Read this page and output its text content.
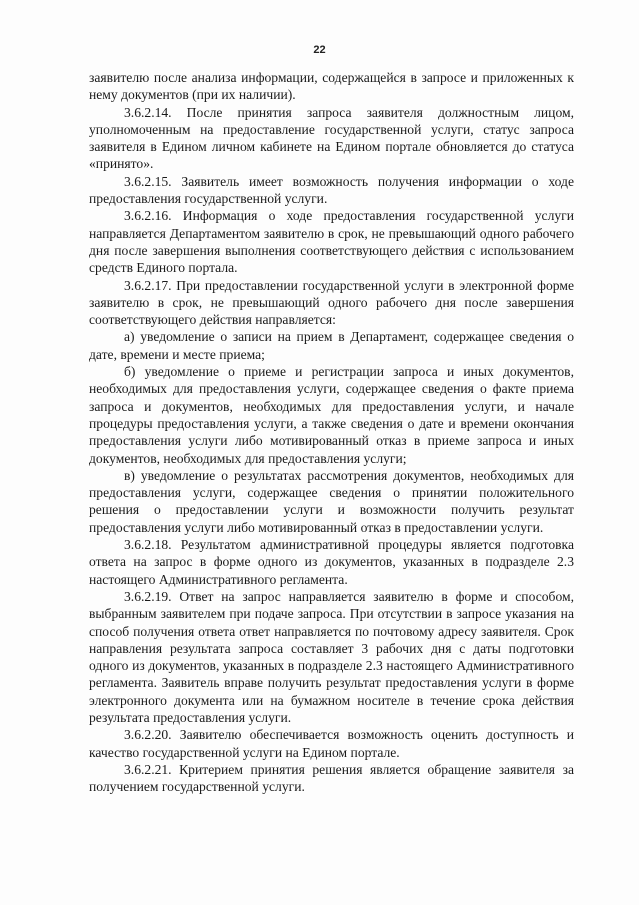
22

заявителю после анализа информации, содержащейся в запросе и приложенных к нему документов (при их наличии).

3.6.2.14. После принятия запроса заявителя должностным лицом, уполномоченным на предоставление государственной услуги, статус запроса заявителя в Едином личном кабинете на Едином портале обновляется до статуса «принято».

3.6.2.15. Заявитель имеет возможность получения информации о ходе предоставления государственной услуги.

3.6.2.16. Информация о ходе предоставления государственной услуги направляется Департаментом заявителю в срок, не превышающий одного рабочего дня после завершения выполнения соответствующего действия с использованием средств Единого портала.

3.6.2.17. При предоставлении государственной услуги в электронной форме заявителю в срок, не превышающий одного рабочего дня после завершения соответствующего действия направляется:

а) уведомление о записи на прием в Департамент, содержащее сведения о дате, времени и месте приема;

б) уведомление о приеме и регистрации запроса и иных документов, необходимых для предоставления услуги, содержащее сведения о факте приема запроса и документов, необходимых для предоставления услуги, и начале процедуры предоставления услуги, а также сведения о дате и времени окончания предоставления услуги либо мотивированный отказ в приеме запроса и иных документов, необходимых для предоставления услуги;

в) уведомление о результатах рассмотрения документов, необходимых для предоставления услуги, содержащее сведения о принятии положительного решения о предоставлении услуги и возможности получить результат предоставления услуги либо мотивированный отказ в предоставлении услуги.

3.6.2.18. Результатом административной процедуры является подготовка ответа на запрос в форме одного из документов, указанных в подразделе 2.3 настоящего Административного регламента.

3.6.2.19. Ответ на запрос направляется заявителю в форме и способом, выбранным заявителем при подаче запроса. При отсутствии в запросе указания на способ получения ответа ответ направляется по почтовому адресу заявителя. Срок направления результата запроса составляет 3 рабочих дня с даты подготовки одного из документов, указанных в подразделе 2.3 настоящего Административного регламента. Заявитель вправе получить результат предоставления услуги в форме электронного документа или на бумажном носителе в течение срока действия результата предоставления услуги.

3.6.2.20. Заявителю обеспечивается возможность оценить доступность и качество государственной услуги на Едином портале.

3.6.2.21. Критерием принятия решения является обращение заявителя за получением государственной услуги.
